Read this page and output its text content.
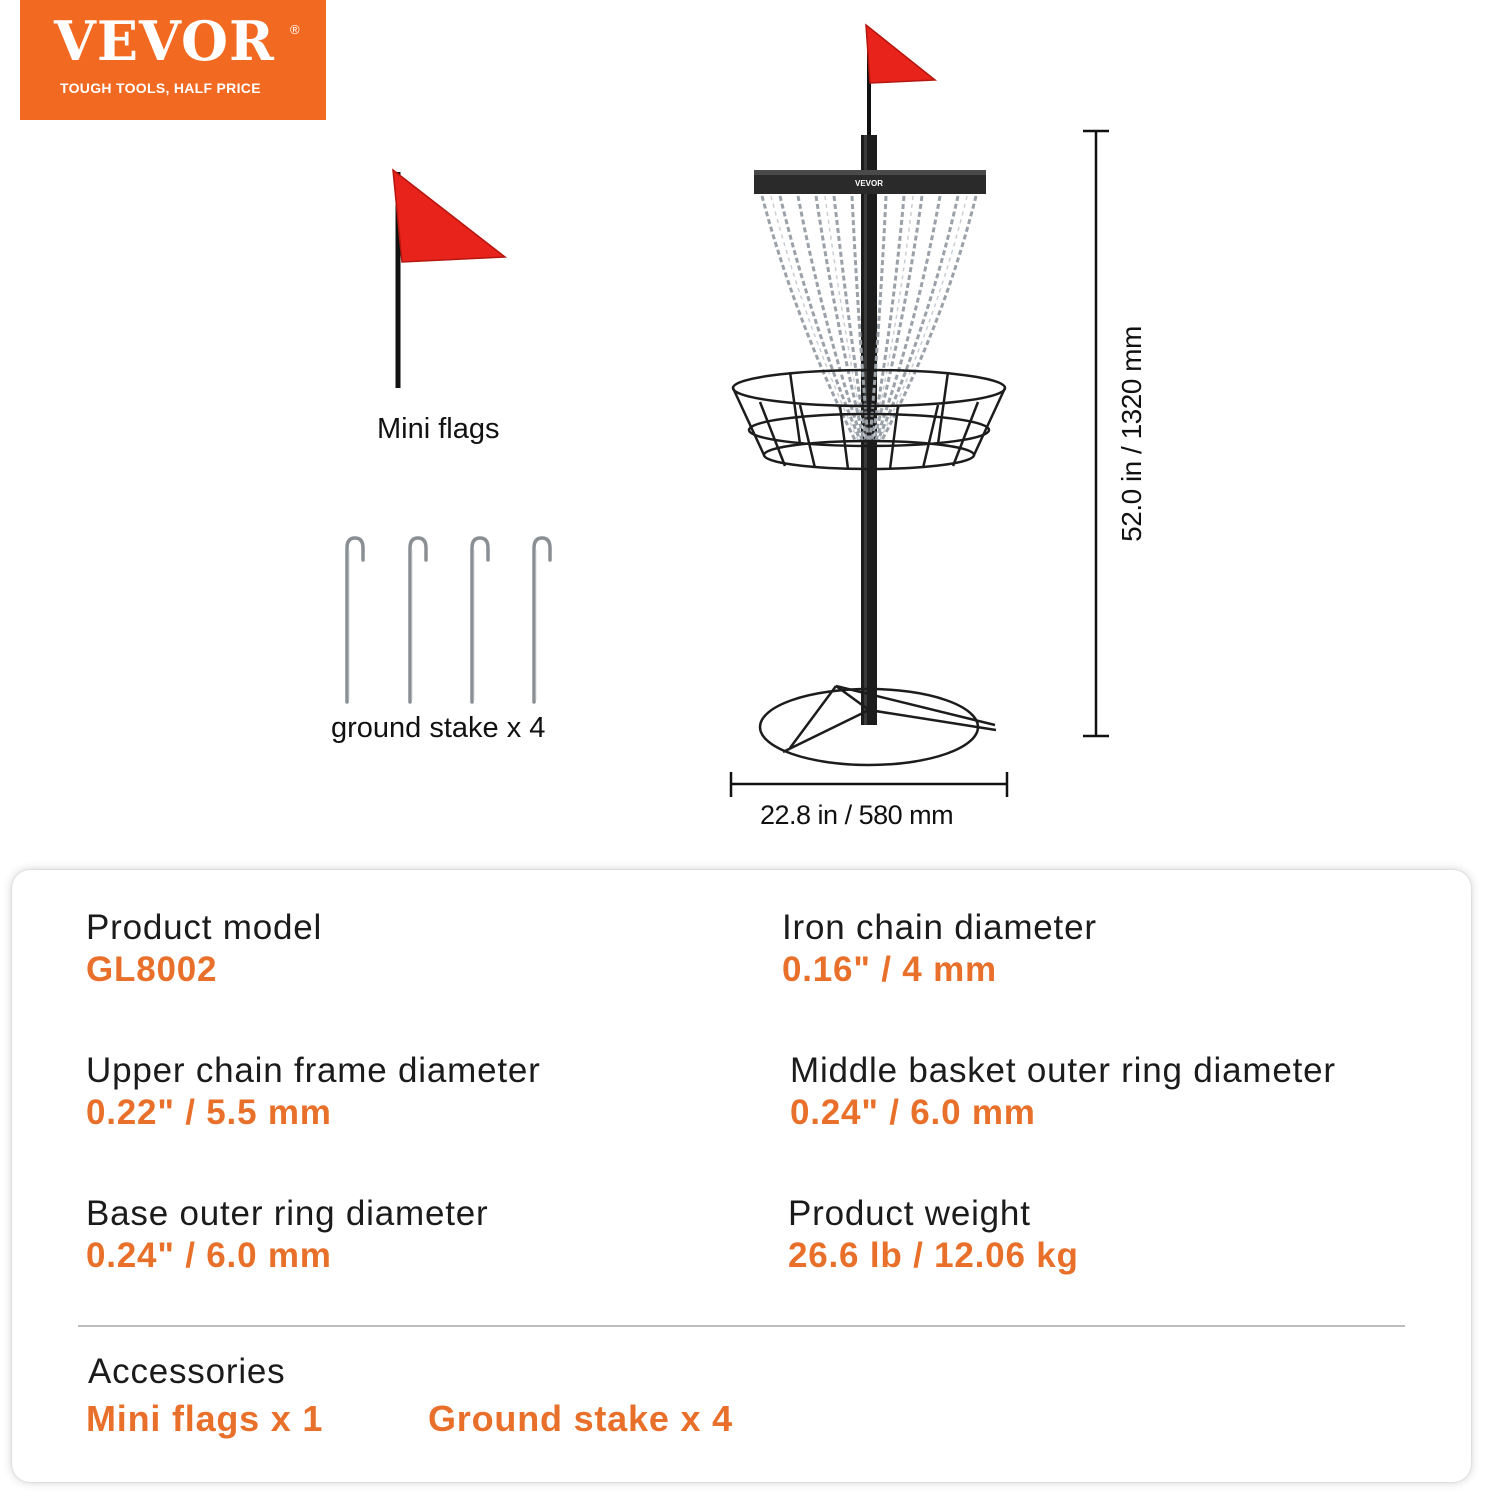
VEVOR ®
TOUGH TOOLS, HALF PRICE
VEVOR
Mini flags
ground stake x 4
22.8 in / 580 mm
52.0 in / 1320 mm
Product model
GL8002
Iron chain diameter
0.16" / 4 mm
Upper chain frame diameter
0.22" / 5.5 mm
Middle basket outer ring diameter
0.24" / 6.0 mm
Base outer ring diameter
0.24" / 6.0 mm
Product weight
26.6 lb / 12.06 kg
Accessories
Mini flags x 1	Ground stake x 4
